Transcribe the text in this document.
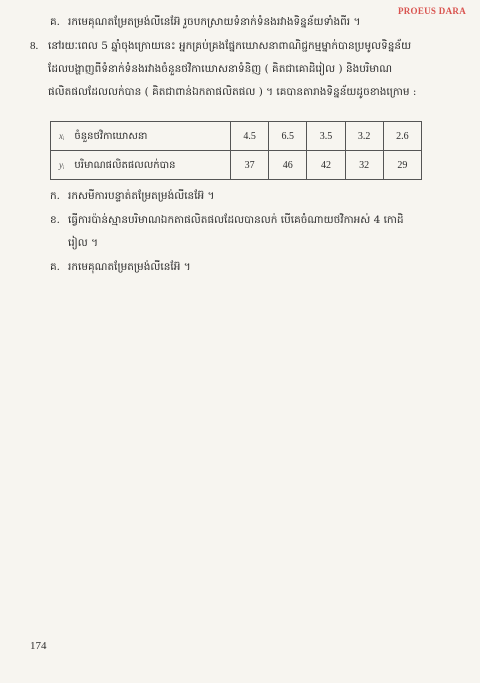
PROEUS DARA
គ. រកមេគុណតម្រែតម្រង់លីនេអ៊ែ រួចបកស្រាយទំនាក់ទំនងរវាងទិន្នន័យទាំងពីរ ។
8. នៅរយៈពេល 5 ឆ្នាំចុងក្រោយនេះ អ្នកគ្រប់គ្រងផ្នែកឃោសនាពាណិជ្ជកម្មម្នាក់បានប្រមូលទិន្នន័យ
ដែលបង្ហាញពីទំនាក់ទំនងរវាងចំនួនថវិកាឃោសនាទំនិញ ( គិតជាគោដិរៀល ) និងបរិមាណ
ផលិតផលដែលលក់បាន ( គិតជាពាន់ឯកតាផលិតផល ) ។ គេបានតារាងទិន្នន័យដូចខាងក្រោម :
xᵢ ចំនួនថវិកាឃោសនា	4.5	6.5	3.5	3.2	2.6
yᵢ បរិមាណផលិតផលលក់បាន	37	46	42	32	29
ក. រកសមីការបន្ទាត់តម្រែតម្រង់លីនេអ៊ែ ។
ខ. ធ្វើការប៉ាន់ស្មានបរិមាណឯកតាផលិតផលដែលបានលក់ បើគេចំណាយថវិកាអស់ 4 កោដិ
រៀល ។
គ. រកមេគុណតម្រែតម្រង់លីនេអ៊ែ ។
174
